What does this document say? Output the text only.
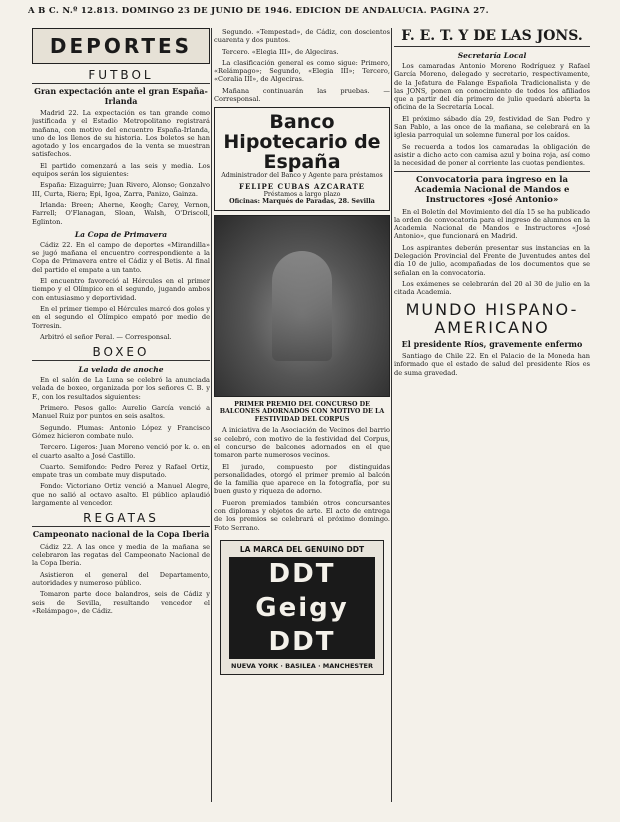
A B C. N.º 12.813. DOMINGO 23 DE JUNIO DE 1946. EDICION DE ANDALUCIA. PAGINA 27.
DEPORTES
FUTBOL
Gran expectación ante el gran España-Irlanda

Madrid 22. La expectación es tan grande como justificada y el Estadio Metropolitano registrará mañana, con motivo del encuentro España-Irlanda, uno de los llenos de su historia. Los boletos se han agotado y los encargados de la venta se muestran satisfechos.

El partido comenzará a las seis y media. Los equipos serán los siguientes:

España: Eizaguirre; Juan Rivero, Alonso; Gonzalvo III, Curta, Riera; Epi, Igoa, Zarra, Panizo, Gainza.

Irlanda: Breen; Aherne, Keogh; Carey, Vernon, Farrell; O'Flanagan, Sloan, Walsh, O'Driscoll, Eglinton.

La Copa de Primavera

Cádiz 22. En el campo de deportes «Mirandilla» se jugó mañana el encuentro correspondiente a la Copa de Primavera entre el Cádiz y el Betis. Al final del partido el empate a un tanto.

El encuentro favoreció al Hércules en el primer tiempo y el Olímpico en el segundo, jugando ambos con entusiasmo y deportividad.

En el primer tiempo el Hércules marcó dos goles y en el segundo el Olímpico empató por medio de Torresin.

Arbitró el señor Peral. — Corresponsal.

BOXEO
La velada de anoche

En el salón de La Luna se celebró la anunciada velada de boxeo, organizada por los señores C. B. y F., con los resultados siguientes:

Primero. Pesos gallo: Aurelio García venció a Manuel Ruiz por puntos en seis asaltos.

Segundo. Plumas: Antonio López y Francisco Gómez hicieron combate nulo.

Tercero. Ligeros: Juan Moreno venció por k. o. en el cuarto asalto a José Castillo.

Cuarto. Semifondo: Pedro Perez y Rafael Ortiz, empate tras un combate muy disputado.

Fondo: Victoriano Ortiz venció a Manuel Alegre, que no salió al octavo asalto. El público aplaudió largamente al vencedor.

REGATAS
Campeonato nacional de la Copa Iberia

Cádiz 22. A las once y media de la mañana se celebraron las regatas del Campeonato Nacional de la Copa Iberia.

Asistieron el general del Departamento, autoridades y numeroso público.

Tomaron parte doce balandros, seis de Cádiz y seis de Sevilla, resultando vencedor el «Relámpago», de Cádiz.

Segundo. «Tempestad», de Cádiz, con doscientos cuarenta y dos puntos.

Tercero. «Elegia III», de Algeciras.

La clasificación general es como sigue: Primero, «Relámpago»; Segundo, «Elegia III»; Tercero, «Coralia III», de Algeciras.

Mañana continuarán las pruebas. — Corresponsal.

Banco Hipotecario de España
Administrador del Banco y Agente para préstamos
FELIPE CUBAS AZCARATE
Préstamos a largo plazo
Oficinas: Marqués de Paradas, 28. Sevilla
PRIMER PREMIO DEL CONCURSO DE BALCONES ADORNADOS CON MOTIVO DE LA FESTIVIDAD DEL CORPUS

A iniciativa de la Asociación de Vecinos del barrio se celebró, con motivo de la festividad del Corpus, el concurso de balcones adornados en el que tomaron parte numerosos vecinos.

El jurado, compuesto por distinguidas personalidades, otorgó el primer premio al balcón de la familia que aparece en la fotografía, por su buen gusto y riqueza de adorno.

Fueron premiados también otros concursantes con diplomas y objetos de arte. El acto de entrega de los premios se celebrará el próximo domingo. Foto Serrano.

LA MARCA DEL GENUINO DDT
DDT Geigy DDT
NUEVA YORK · BASILEA · MANCHESTER
F. E. T. Y DE LAS JONS.
Secretaría Local

Los camaradas Antonio Moreno Rodríguez y Rafael García Moreno, delegado y secretario, respectivamente, de la Jefatura de Falange Española Tradicionalista y de las JONS, ponen en conocimiento de todos los afiliados que a partir del día primero de julio quedará abierta la oficina de la Secretaría Local.

El próximo sábado día 29, festividad de San Pedro y San Pablo, a las once de la mañana, se celebrará en la iglesia parroquial un solemne funeral por los caídos.

Se recuerda a todos los camaradas la obligación de asistir a dicho acto con camisa azul y boina roja, así como la necesidad de poner al corriente las cuotas pendientes.

Convocatoria para ingreso en la Academia Nacional de Mandos e Instructores «José Antonio»

En el Boletín del Movimiento del día 15 se ha publicado la orden de convocatoria para el ingreso de alumnos en la Academia Nacional de Mandos e Instructores «José Antonio», que funcionará en Madrid.

Los aspirantes deberán presentar sus instancias en la Delegación Provincial del Frente de Juventudes antes del día 10 de julio, acompañadas de los documentos que se señalan en la convocatoria.

Los exámenes se celebrarán del 20 al 30 de julio en la citada Academia.

MUNDO HISPANO-AMERICANO
El presidente Ríos, gravemente enfermo

Santiago de Chile 22. En el Palacio de la Moneda han informado que el estado de salud del presidente Ríos es de suma gravedad.
